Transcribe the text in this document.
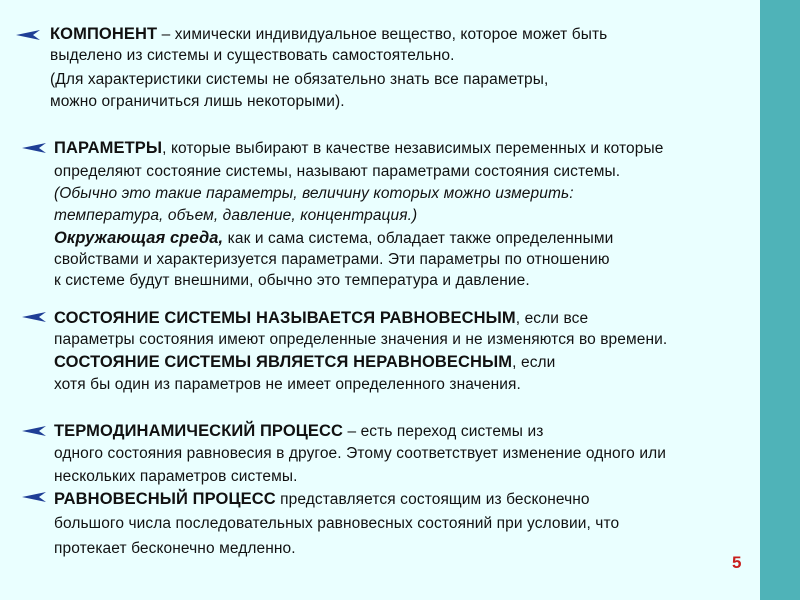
КОМПОНЕНТ – химически индивидуальное вещество, которое может быть
выделено из системы и существовать самостоятельно.
(Для характеристики системы не обязательно знать все параметры,
можно ограничиться лишь некоторыми).
ПАРАМЕТРЫ, которые выбирают в качестве независимых переменных и которые
определяют состояние системы, называют параметрами состояния системы.
(Обычно это такие параметры, величину которых можно измерить:
температура, объем, давление, концентрация.)
Окружающая среда, как и сама система, обладает также определенными
свойствами и характеризуется параметрами. Эти параметры по отношению
к системе будут внешними, обычно это температура и давление.
СОСТОЯНИЕ СИСТЕМЫ НАЗЫВАЕТСЯ РАВНОВЕСНЫМ, если все
параметры состояния имеют определенные значения и не изменяются во времени.
СОСТОЯНИЕ СИСТЕМЫ ЯВЛЯЕТСЯ НЕРАВНОВЕСНЫМ, если
хотя бы один из параметров не имеет определенного значения.
ТЕРМОДИНАМИЧЕСКИЙ ПРОЦЕСС – есть переход системы из
одного состояния равновесия в другое. Этому соответствует изменение одного или
нескольких параметров системы.
РАВНОВЕСНЫЙ ПРОЦЕСС представляется состоящим из бесконечно
большого числа последовательных равновесных состояний при условии, что
протекает бесконечно медленно.
5
